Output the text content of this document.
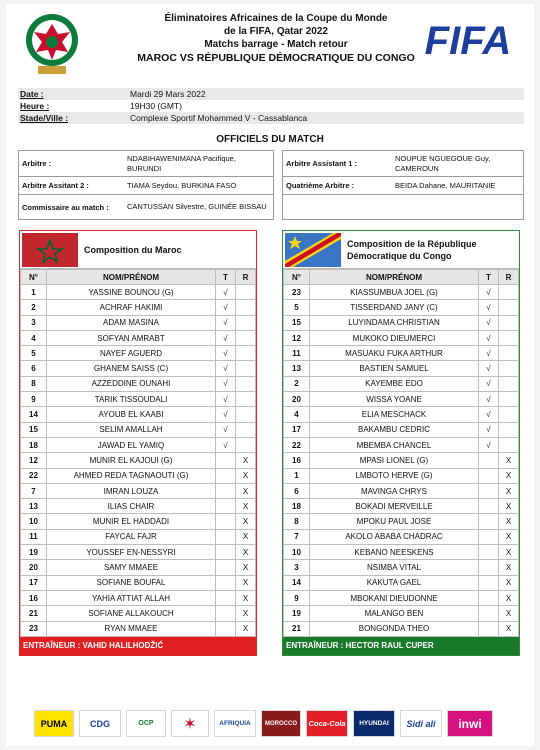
Éliminatoires Africaines de la Coupe du Monde
de la FIFA, Qatar 2022
Matchs barrage - Match retour
MAROC VS RÉPUBLIQUE DÉMOCRATIQUE DU CONGO FIFA
Date :	Mardi 29 Mars 2022
Heure :	19H30 (GMT)
Stade/Ville :	Complexe Sportif Mohammed V - Cassablanca
OFFICIELS DU MATCH
Arbitre :
NDABIHAWENIMANA Pacifique, BURUNDI
Arbitre Assitant 2 :	TIAMA Seydou, BURKINA FASO
Commissaire au match :	CANTUSSAN Silvestre, GUINÉE BISSAU
Arbitre Assistant 1 :
NOUPUE NGUEGOUE Guy, CAMEROUN
Quatrième Arbitre :	BEIDA Dahane, MAURITANIE
Composition du Maroc
N°	NOM/PRÉNOM	T	R
1	YASSINE BOUNOU (G)	√	
2	ACHRAF HAKIMI	√	
3	ADAM MASINA	√	
4	SOFYAN AMRABT	√	
5	NAYEF AGUERD	√	
6	GHANEM SAISS (C)	√	
8	AZZEDDINE OUNAHI	√	
9	TARIK TISSOUDALI	√	
14	AYOUB EL KAABI	√	
15	SELIM AMALLAH	√	
18	JAWAD EL YAMIQ	√	
12	MUNIR EL KAJOUI (G)		X
22	AHMED REDA TAGNAOUTI (G)		X
7	IMRAN LOUZA		X
13	ILIAS CHAIR		X
10	MUNIR EL HADDADI		X
11	FAYCAL FAJR		X
19	YOUSSEF EN-NESSYRI		X
20	SAMY MMAEE		X
17	SOFIANE BOUFAL		X
16	YAHIA ATTIAT ALLAH		X
21	SOFIANE ALLAKOUCH		X
23	RYAN MMAEE		X
ENTRAÎNEUR : VAHID HALILHODŽIĆ
Composition de la République
Démocratique du Congo
N°	NOM/PRÉNOM	T	R
23	KIASSUMBUA JOEL (G)	√	
5	TISSERDAND JANY (C)	√	
15	LUYINDAMA CHRISTIAN	√	
12	MUKOKO DIEUMERCI	√	
11	MASUAKU FUKA ARTHUR	√	
13	BASTIEN SAMUEL	√	
2	KAYEMBE EDO	√	
20	WISSA YOANE	√	
4	ELIA MESCHACK	√	
17	BAKAMBU CEDRIC	√	
22	MBEMBA CHANCEL	√	
16	MPASI LIONEL (G)		X
1	LMBOTO HERVE (G)		X
6	MAVINGA CHRYS		X
18	BOKADI MERVEILLE		X
8	MPOKU PAUL JOSE		X
7	AKOLO ABABA CHADRAC		X
10	KEBANO NEESKENS		X
3	NSIMBA VITAL		X
14	KAKUTA GAEL		X
9	MBOKANI DIEUDONNE		X
19	MALANGO BEN		X
21	BONGONDA THEO		X
ENTRAÎNEUR : HECTOR RAUL CUPER
PUMA	CDG	OCP	✶	AFRIQUIA	MOROCCO	Coca-Cola	HYUNDAI	Sidi ali	inwi
